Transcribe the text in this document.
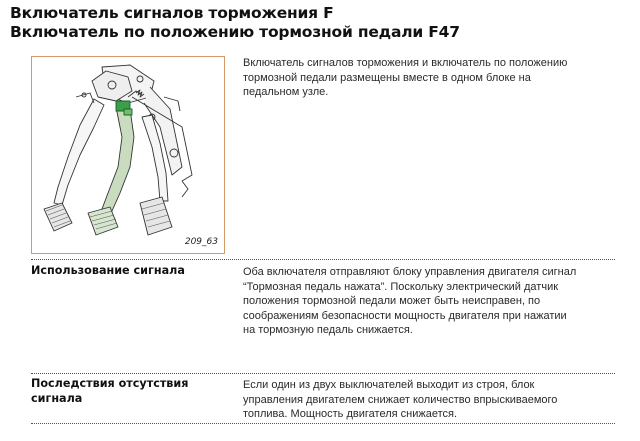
Включатель сигналов торможения F
Включатель по положению тормозной педали F47
209_63
Включатель сигналов торможения и включатель по положению
тормозной педали размещены вместе в одном блоке на
педальном узле.
Использование сигнала	Оба включателя отправляют блоку управления двигателя сигнал
“Тормозная педаль нажата”. Поскольку электрический датчик
положения тормозной педали может быть неисправен, по
соображениям безопасности мощность двигателя при нажатии
на тормозную педаль снижается.
Последствия отсутствия
сигнала
Если один из двух выключателей выходит из строя, блок
управления двигателем снижает количество впрыскиваемого
топлива. Мощность двигателя снижается.
